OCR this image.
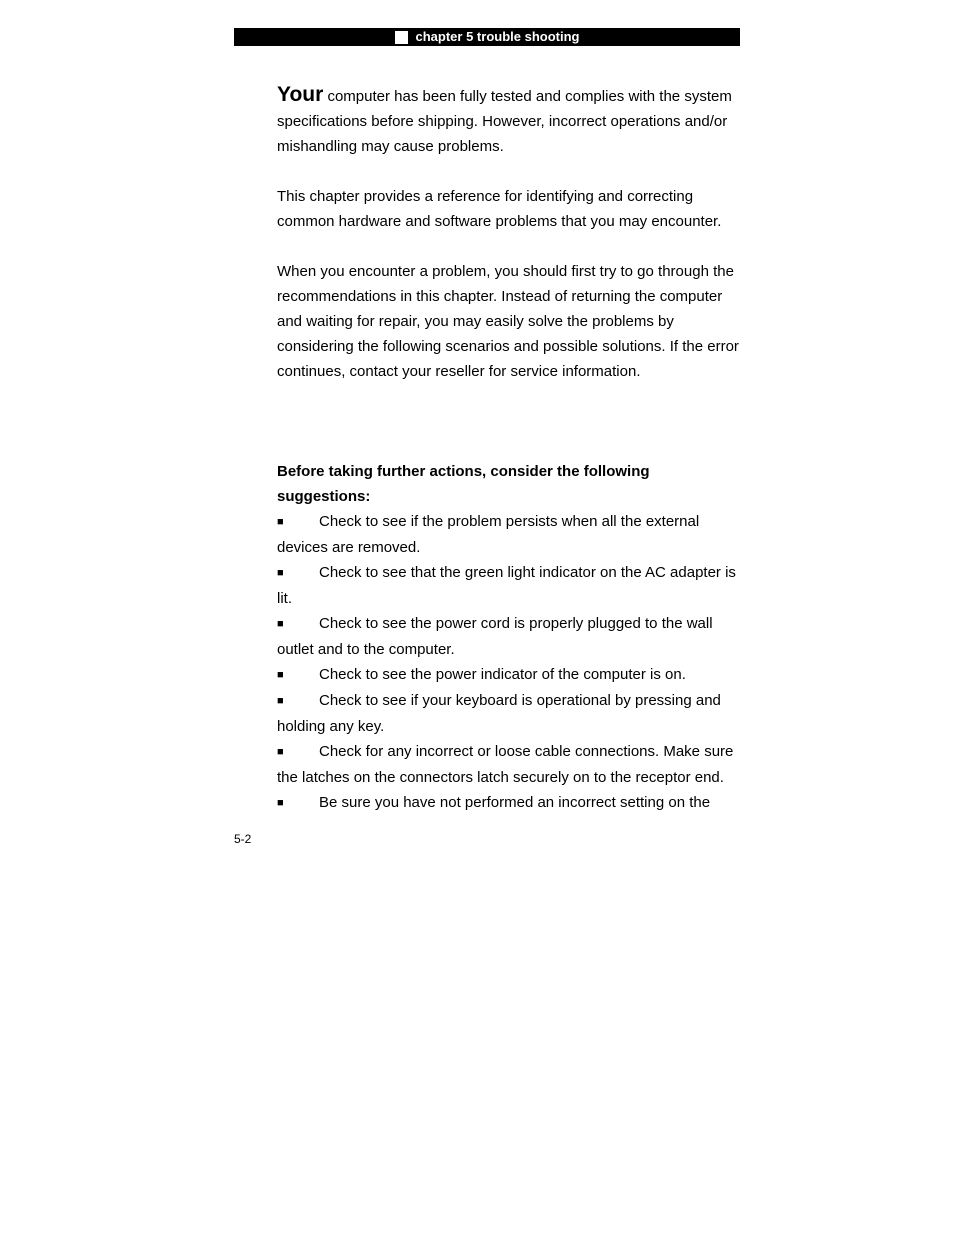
chapter 5 trouble shooting

Your computer has been fully tested and complies with the system specifications before shipping. However, incorrect operations and/or mishandling may cause problems.

This chapter provides a reference for identifying and correcting common hardware and software problems that you may encounter.

When you encounter a problem, you should first try to go through the recommendations in this chapter. Instead of returning the computer and waiting for repair, you may easily solve the problems by considering the following scenarios and possible solutions. If the error continues, contact your reseller for service information.

Before taking further actions, consider the following suggestions:

■ Check to see if the problem persists when all the external devices are removed.

■ Check to see that the green light indicator on the AC adapter is lit.

■ Check to see the power cord is properly plugged to the wall outlet and to the computer.

■ Check to see the power indicator of the computer is on.

■ Check to see if your keyboard is operational by pressing and holding any key.

■ Check for any incorrect or loose cable connections. Make sure the latches on the connectors latch securely on to the receptor end.

■ Be sure you have not performed an incorrect setting on the

5-2
